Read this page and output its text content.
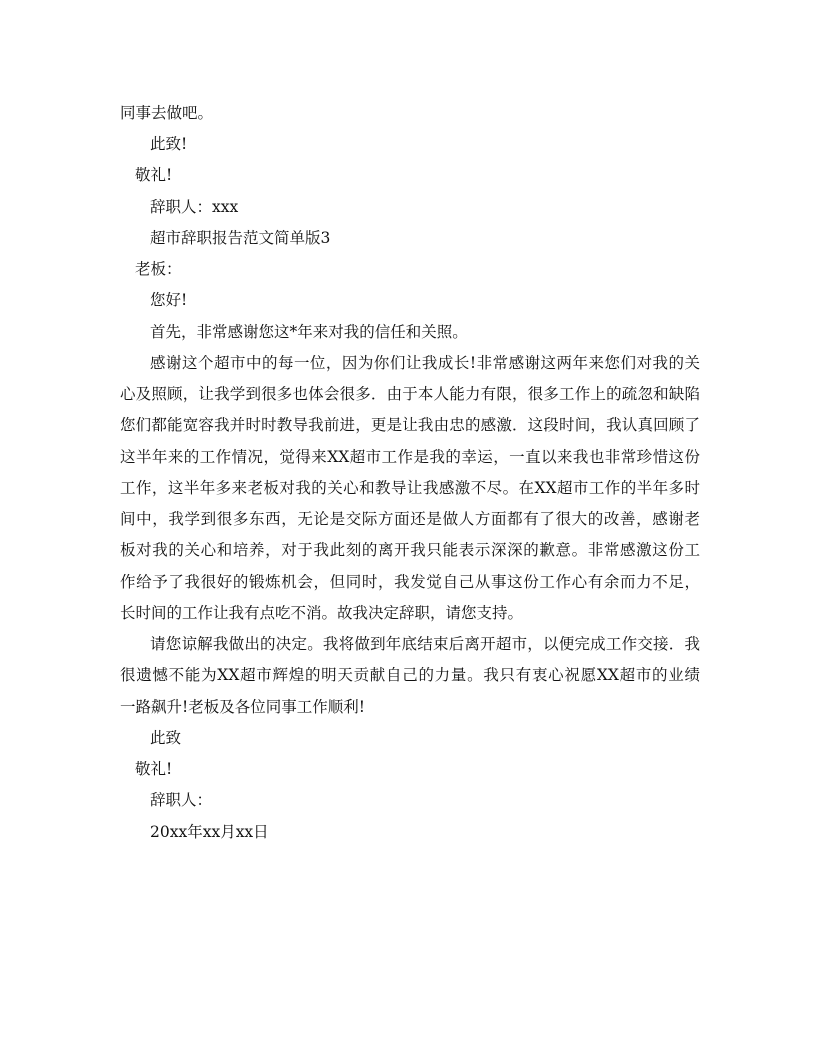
同事去做吧。
此致!
敬礼!
辞职人：xxx
超市辞职报告范文简单版3
老板：
您好!
首先，非常感谢您这*年来对我的信任和关照。
感谢这个超市中的每一位，因为你们让我成长!非常感谢这两年来您们对我的关
心及照顾，让我学到很多也体会很多．由于本人能力有限，很多工作上的疏忽和缺陷
您们都能宽容我并时时教导我前进，更是让我由忠的感激．这段时间，我认真回顾了
这半年来的工作情况，觉得来XX超市工作是我的幸运，一直以来我也非常珍惜这份
工作，这半年多来老板对我的关心和教导让我感激不尽。在XX超市工作的半年多时
间中，我学到很多东西，无论是交际方面还是做人方面都有了很大的改善，感谢老
板对我的关心和培养，对于我此刻的离开我只能表示深深的歉意。非常感激这份工
作给予了我很好的锻炼机会，但同时，我发觉自己从事这份工作心有余而力不足，
长时间的工作让我有点吃不消。故我决定辞职，请您支持。
请您谅解我做出的决定。我将做到年底结束后离开超市，以便完成工作交接．我
很遗憾不能为XX超市辉煌的明天贡献自己的力量。我只有衷心祝愿XX超市的业绩
一路飙升!老板及各位同事工作顺利!
此致
敬礼!
辞职人：
20xx年xx月xx日
